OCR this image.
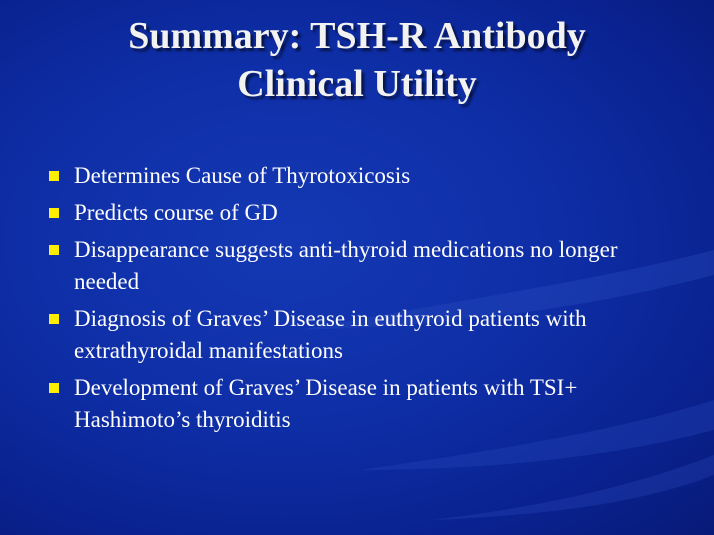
Summary: TSH-R Antibody
Clinical Utility
Determines Cause of Thyrotoxicosis
Predicts course of GD
Disappearance suggests anti-thyroid medications no longer needed
Diagnosis of Graves’ Disease in euthyroid patients with extrathyroidal manifestations
Development of Graves’ Disease in patients with TSI+ Hashimoto’s thyroiditis
